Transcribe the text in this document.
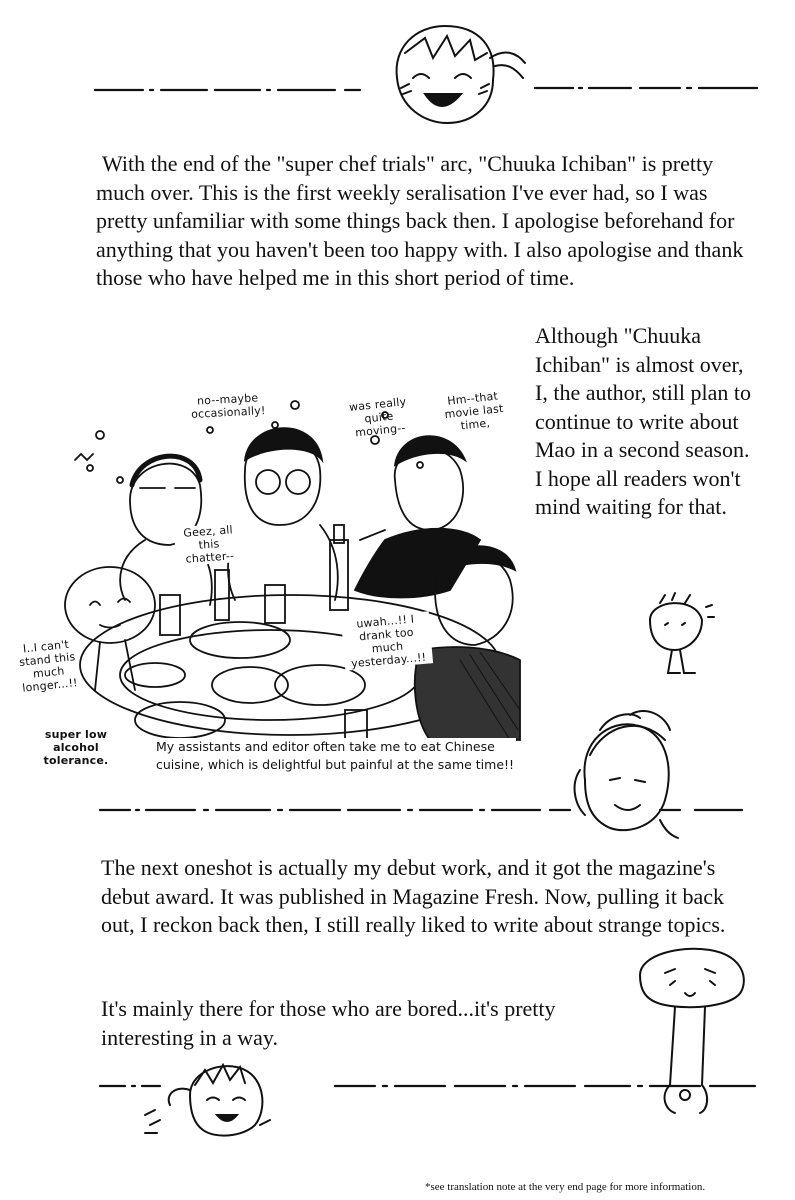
With the end of the "super chef trials" arc, "Chuuka Ichiban" is pretty much over. This is the first weekly seralisation I've ever had, so I was pretty unfamiliar with some things back then. I apologise beforehand for anything that you haven't been too happy with. I also apologise and thank those who have helped me in this short period of time.
Although "Chuuka Ichiban" is almost over, I, the author, still plan to continue to write about Mao in a second season. I hope all readers won't mind waiting for that.
no--maybe occasionally!	was really quite moving--
Hm--that movie last time,
Geez, all this chatter--
I..I can't stand this much longer...!!
uwah...!! I drank too much yesterday...!!
super low alcohol tolerance.
My assistants and editor often take me to eat Chinese cuisine, which is delightful but painful at the same time!!
The next oneshot is actually my debut work, and it got the magazine's debut award. It was published in Magazine Fresh. Now, pulling it back out, I reckon back then, I still really liked to write about strange topics.
It's mainly there for those who are bored...it's pretty interesting in a way.
*see translation note at the very end page for more information.
